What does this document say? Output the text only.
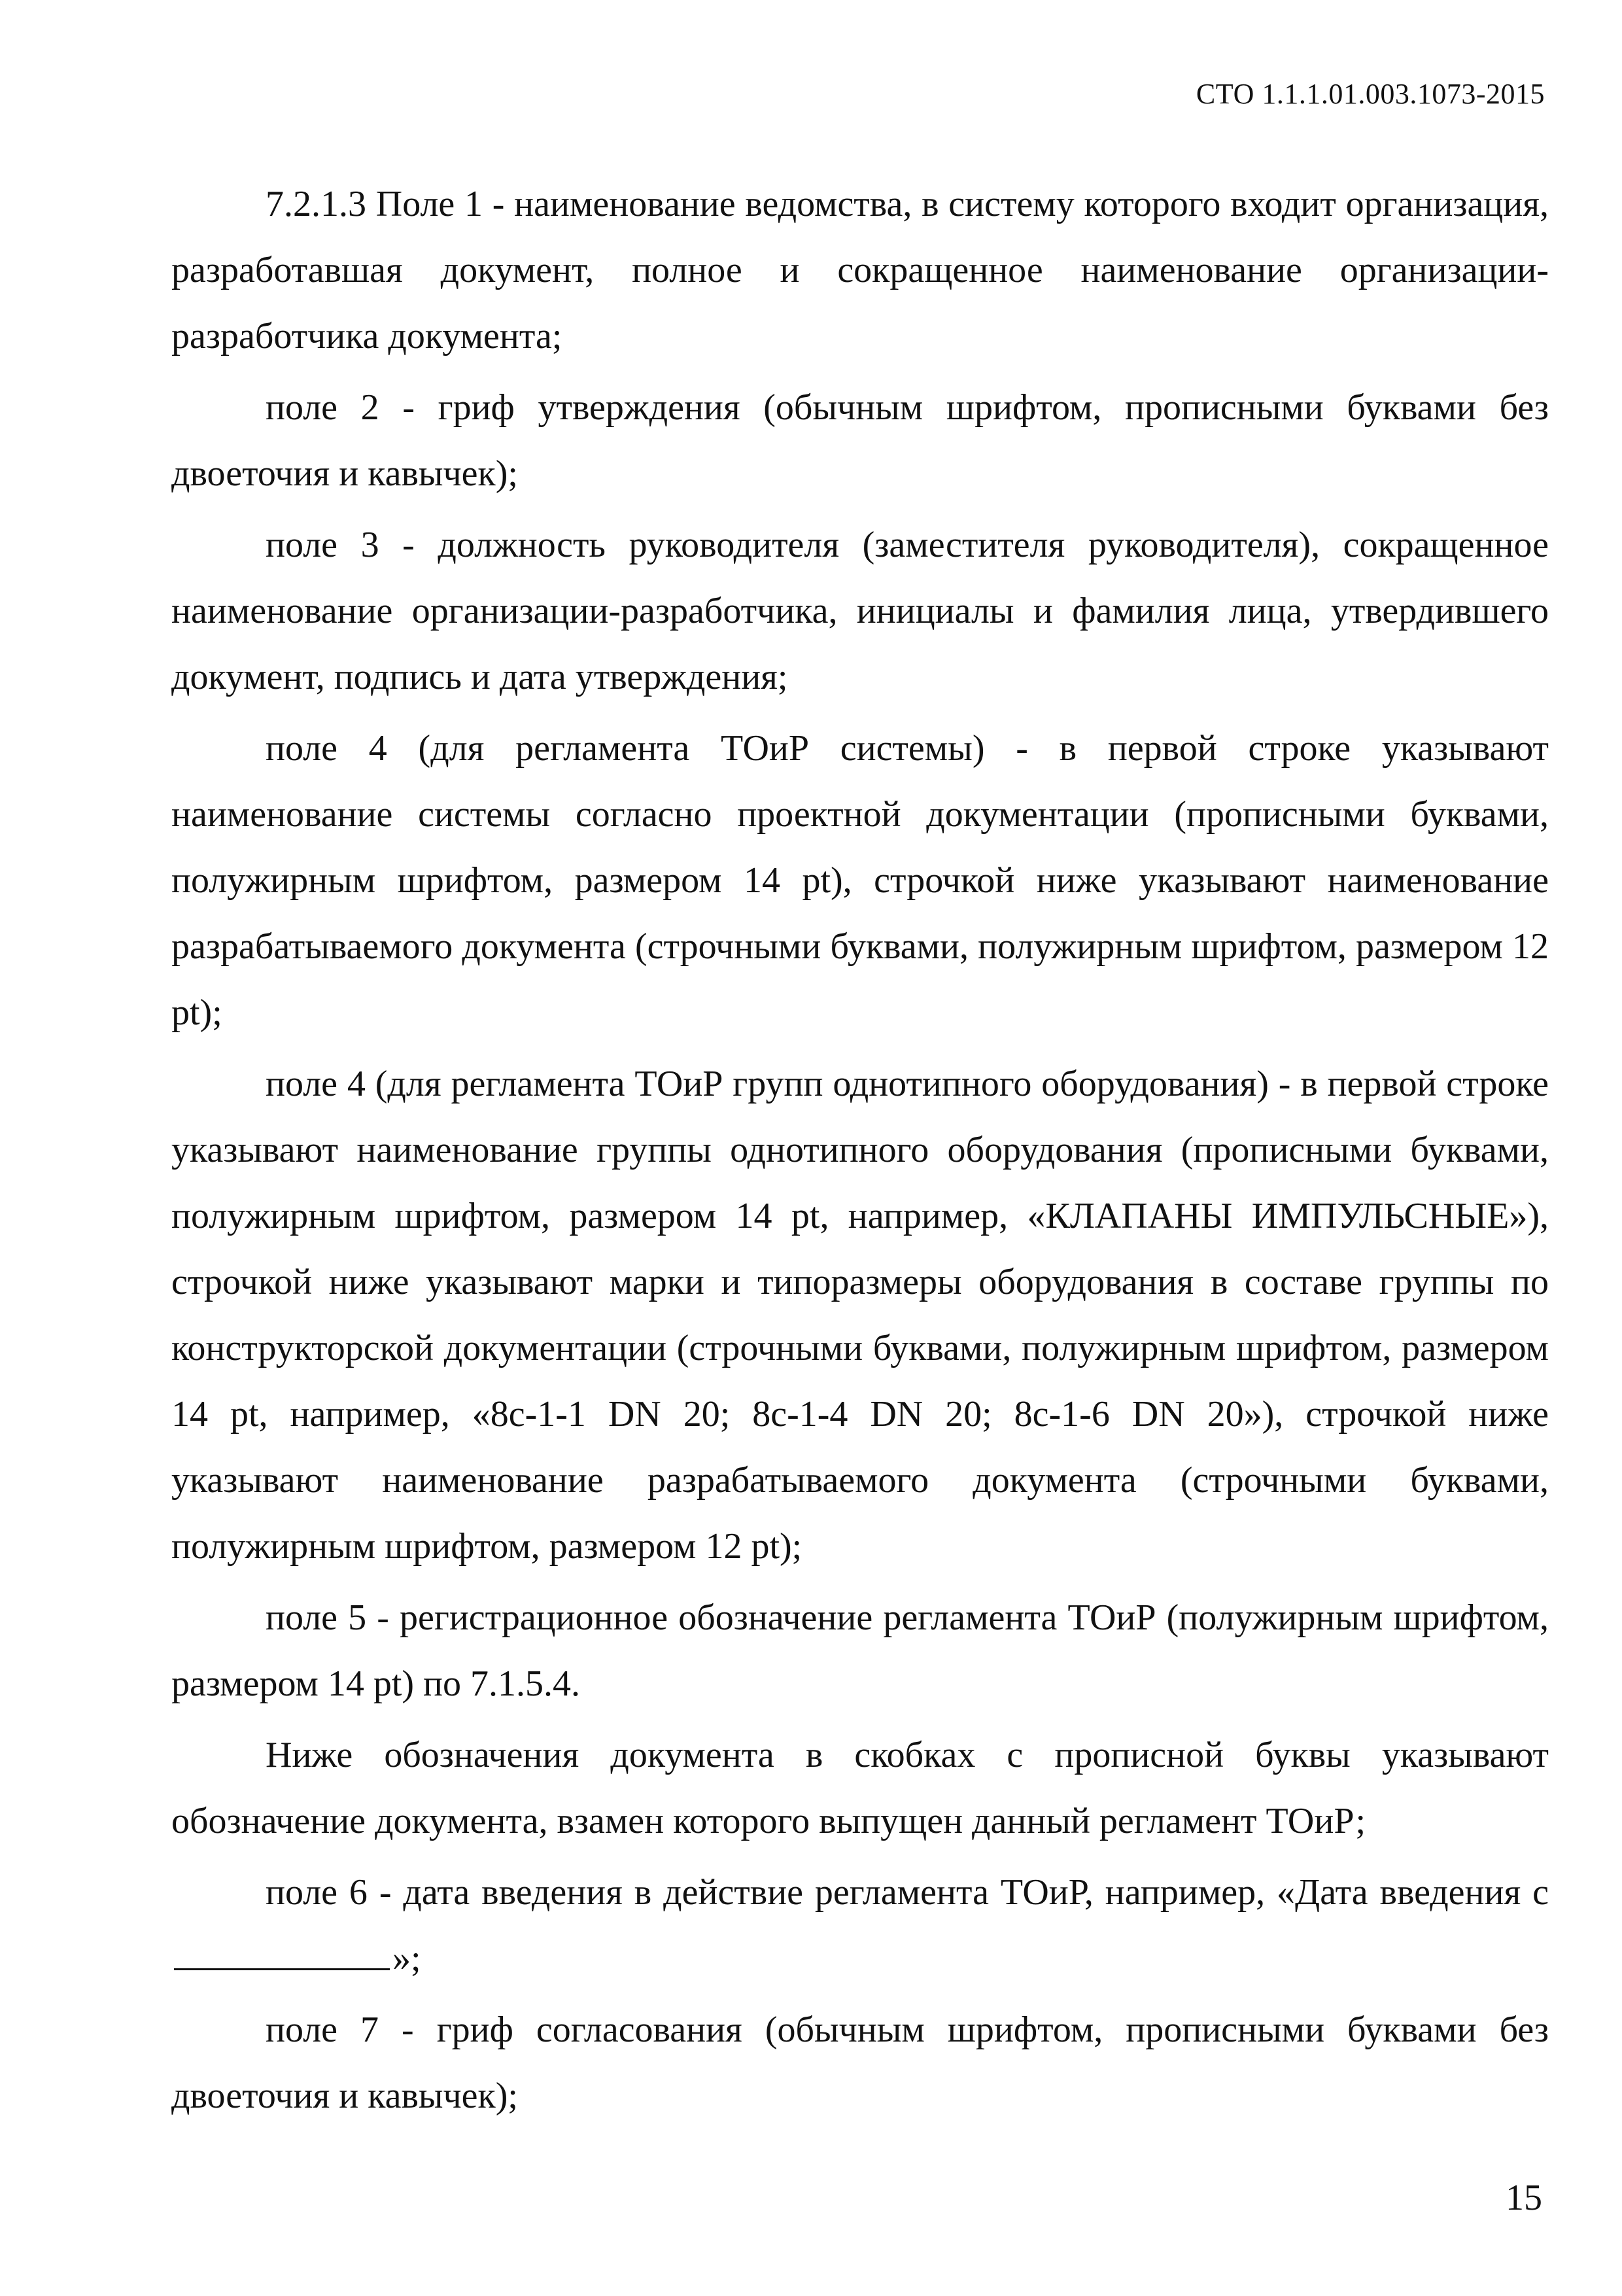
СТО 1.1.1.01.003.1073-2015

7.2.1.3 Поле 1 - наименование ведомства, в систему которого входит организация, разработавшая документ, полное и сокращенное наименование организации-разработчика документа;

поле 2 - гриф утверждения (обычным шрифтом, прописными буквами без двоеточия и кавычек);

поле 3 - должность руководителя (заместителя руководителя), сокращенное наименование организации-разработчика, инициалы и фамилия лица, утвердившего документ, подпись и дата утверждения;

поле 4 (для регламента ТОиР системы) - в первой строке указывают наименование системы согласно проектной документации (прописными буквами, полужирным шрифтом, размером 14 pt), строчкой ниже указывают наименование разрабатываемого документа (строчными буквами, полужирным шрифтом, размером 12 pt);

поле 4 (для регламента ТОиР групп однотипного оборудования) - в первой строке указывают наименование группы однотипного оборудования (прописными буквами, полужирным шрифтом, размером 14 pt, например, «КЛАПАНЫ ИМПУЛЬСНЫЕ»), строчкой ниже указывают марки и типоразмеры оборудования в составе группы по конструкторской документации (строчными буквами, полужирным шрифтом, размером 14 pt, например, «8с-1-1 DN 20; 8с-1-4 DN 20; 8с-1-6 DN 20»), строчкой ниже указывают наименование разрабатываемого документа (строчными буквами, полужирным шрифтом, размером 12 pt);

поле 5 - регистрационное обозначение регламента ТОиР (полужирным шрифтом, размером 14 pt) по 7.1.5.4.

Ниже обозначения документа в скобках с прописной буквы указывают обозначение документа, взамен которого выпущен данный регламент ТОиР;

поле 6 - дата введения в действие регламента ТОиР, например, «Дата введения с »;

поле 7 - гриф согласования (обычным шрифтом, прописными буквами без двоеточия и кавычек);

15
